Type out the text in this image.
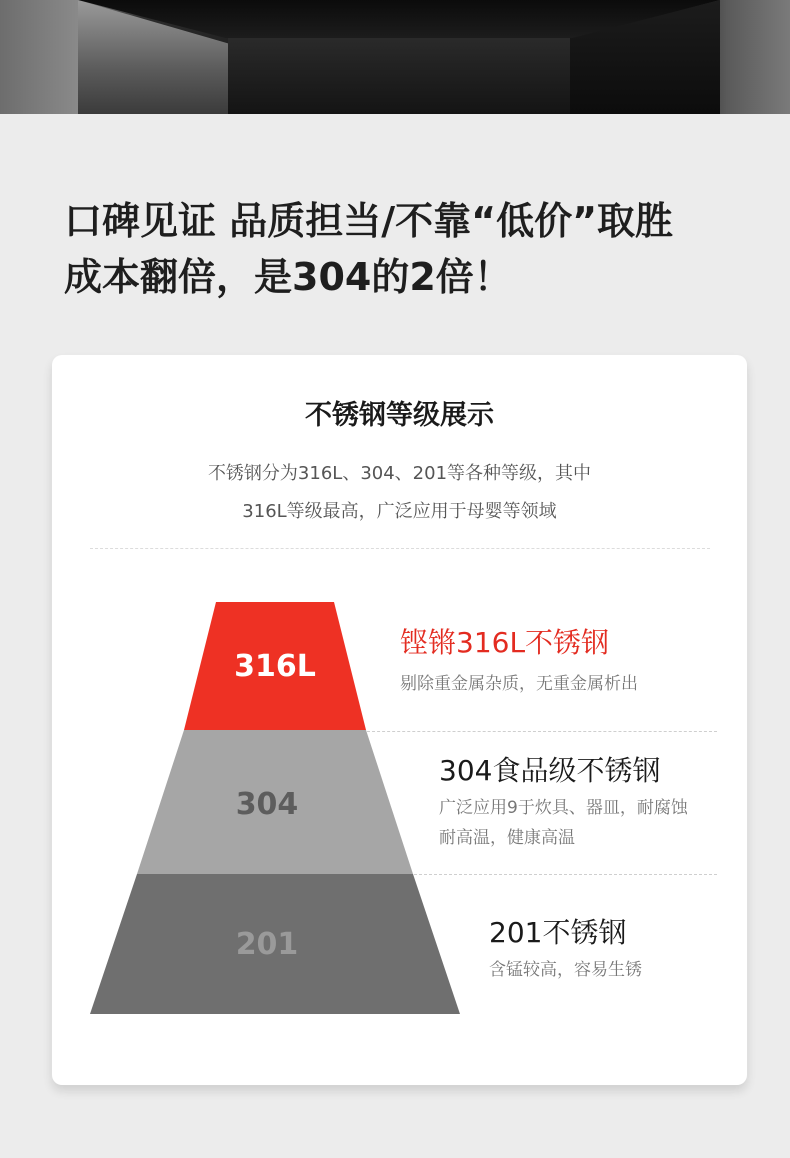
口碑见证 品质担当/不靠“低价”取胜
成本翻倍，是304的2倍！
不锈钢等级展示
不锈钢分为316L、304、201等各种等级，其中
316L等级最高，广泛应用于母婴等领域
316L
304
201
铿锵316L不锈钢
剔除重金属杂质，无重金属析出
304食品级不锈钢
广泛应用9于炊具、器皿，耐腐蚀
耐高温，健康高温
201不锈钢
含锰较高，容易生锈
